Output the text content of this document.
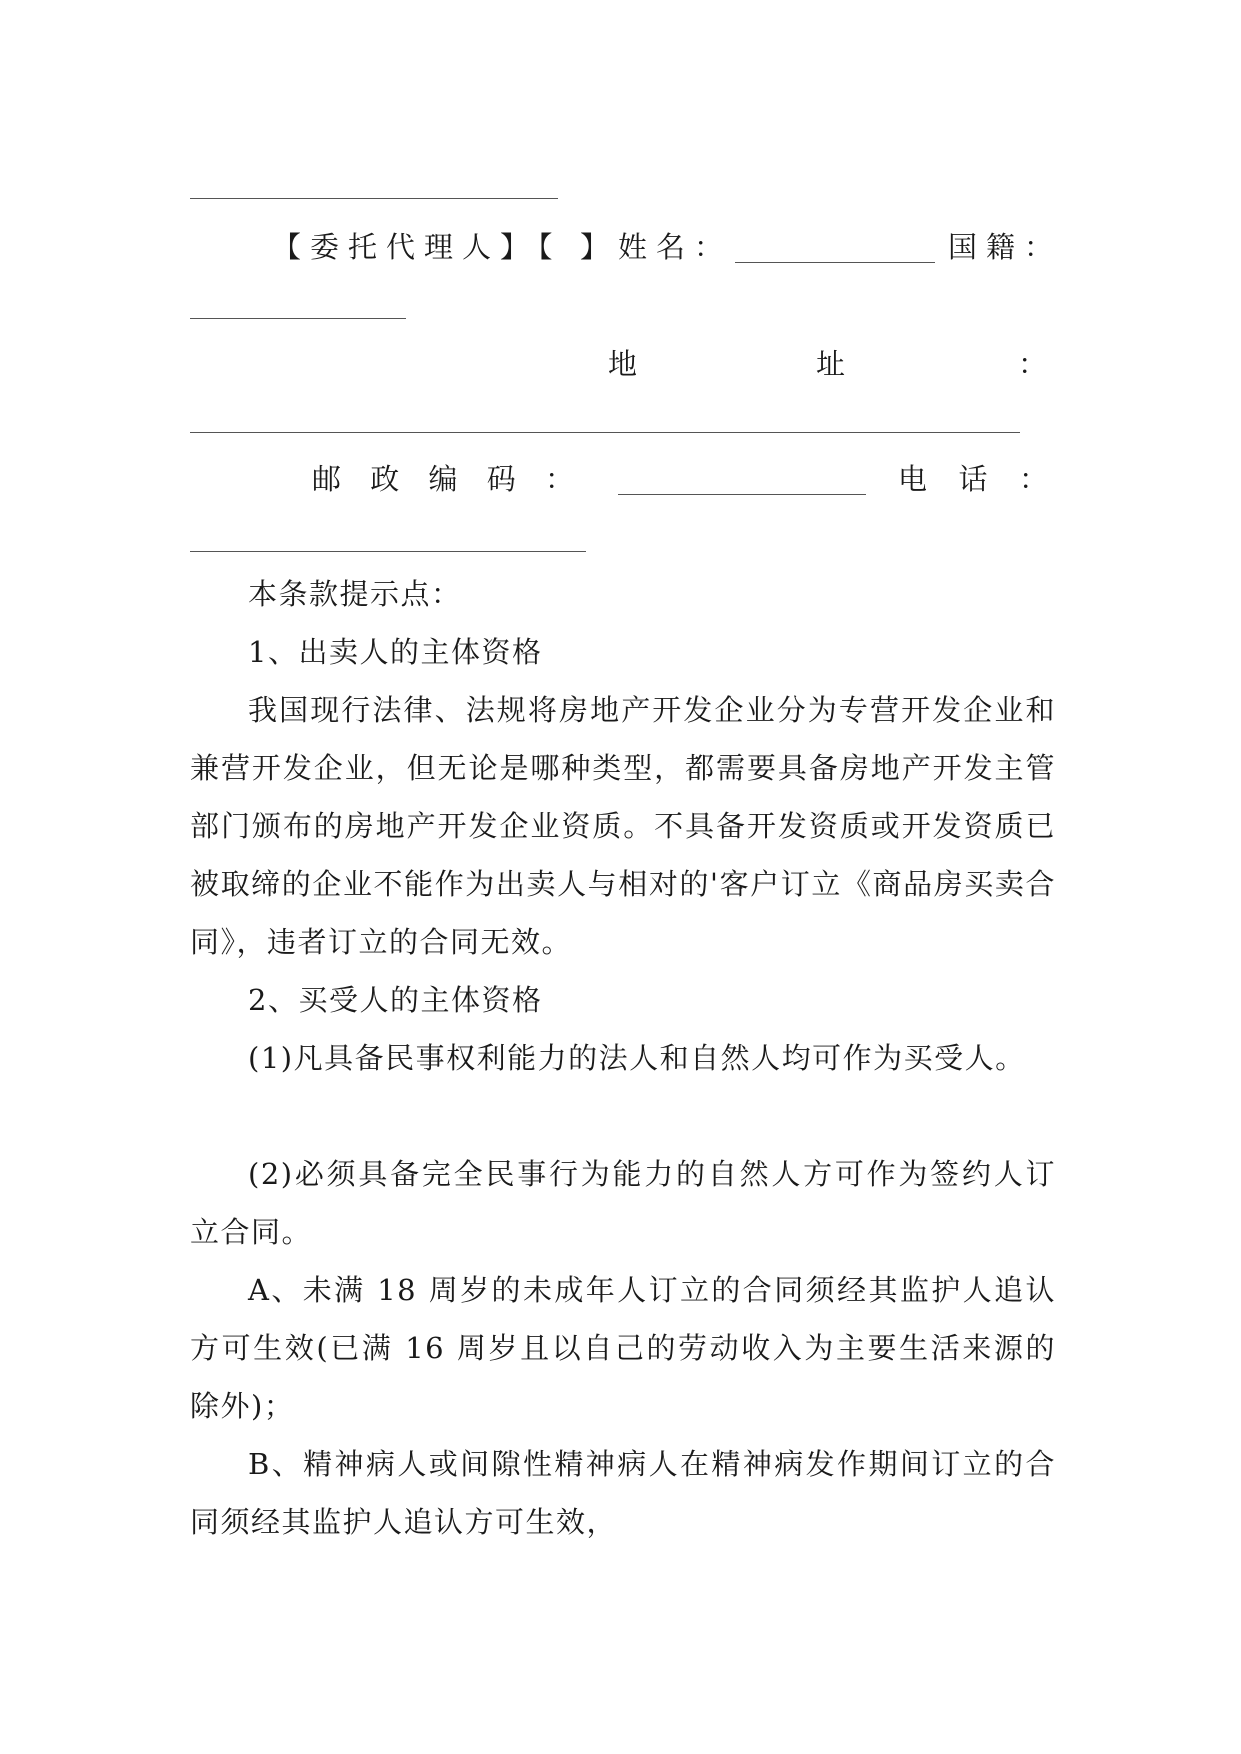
【委托代理人】【 】 姓名：	国籍：
地	址	：
邮 政 编 码 ：	电 话 ：

本条款提示点：

1、出卖人的主体资格

我国现行法律、法规将房地产开发企业分为专营开发企业和兼营开发企业，但无论是哪种类型，都需要具备房地产开发主管部门颁布的房地产开发企业资质。不具备开发资质或开发资质已被取缔的企业不能作为出卖人与相对的'客户订立《商品房买卖合同》，违者订立的合同无效。

2、买受人的主体资格

(1)凡具备民事权利能力的法人和自然人均可作为买受人。

(2)必须具备完全民事行为能力的自然人方可作为签约人订立合同。

A、未满 18 周岁的未成年人订立的合同须经其监护人追认方可生效(已满 16 周岁且以自己的劳动收入为主要生活来源的除外)；

B、精神病人或间隙性精神病人在精神病发作期间订立的合同须经其监护人追认方可生效，
